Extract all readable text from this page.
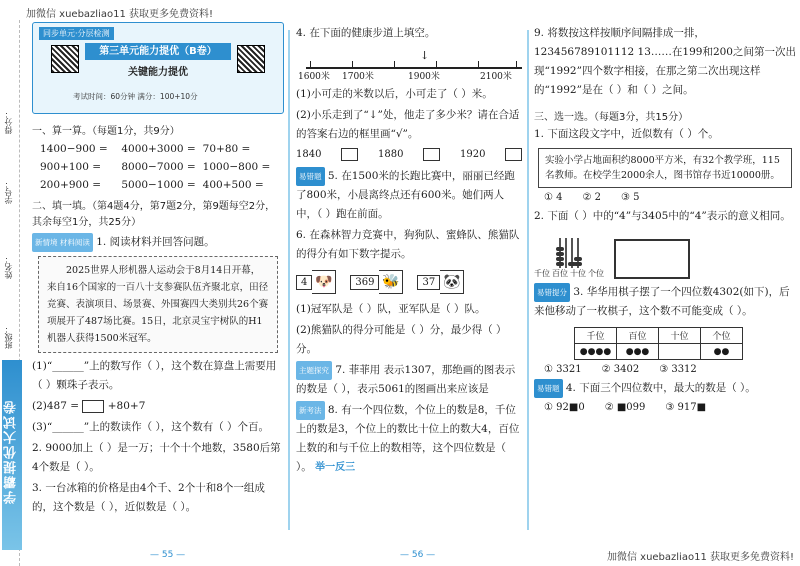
加微信 xuebazliao11 获取更多免费资料!
加微信 xuebazliao11 获取更多免费资料!
得分：
学号：
姓名：
班级：
学霸提优大试卷
同步单元·分层检测
第三单元能力提优（B卷）
关键能力提优
考试时间：60分钟 满分：100+10分
一、算一算。（每题1分，共9分）
1400−900 =	4000+3000 = 70+80 =
900+100 =	8000−7000 = 1000−800 =
200+900 =	5000−1000 = 400+500 =
二、填一填。（第4题4分，第7题2分，第9题每空2分，其余每空1分，共25分）
新情境 材料阅读 1. 阅读材料并回答问题。
2025世界人形机器人运动会于8月14日开幕，来自16个国家的一百八十支参赛队伍齐聚北京，田径竞赛、表演项目、场景赛、外围赛四大类别共26个赛项展开了487场比赛。15日，北京灵宝宇树队的H1机器人获得1500米冠军。
(1)“______”上的数写作（ ），这个数在算盘上需要用（ ）颗珠子表示。
(2)487 =	+80+7
(3)“______”上的数读作（ ），这个数有（ ）个百。
2. 9000加上（ ）是一万；十个十个地数，3580后第4个数是（ ）。
3. 一台冰箱的价格是由4个千、2个十和8个一组成的，这个数是（ ），近似数是（ ）。
— 55 —
4. 在下面的健康步道上填空。
↓
1600米 1700米	1900米	2100米
(1)小可走的米数以后，小可走了（ ）米。
(2)小乐走到了“↓”处，他走了多少米？请在合适的答案右边的框里画“√”。
1840	1880	1920
易错题 5. 在1500米的长跑比赛中，丽丽已经跑了800米，小晨离终点还有600米。她们两人中，（ ）跑在前面。
6. 在森林智力竞赛中，狗狗队、蜜蜂队、熊猫队的得分有如下数字提示。
4 🐶	369 🐝	37 🐼
(1)冠军队是（ ）队，亚军队是（ ）队。
(2)熊猫队的得分可能是（ ）分，最少得（ ）分。
主题探究 7. 菲菲用 表示1307，那绝画的图表示的数是（ ），表示5061的图画出来应该是
新考法 8. 有一个四位数，个位上的数是8，千位上的数是3，个位上的数比十位上的数大4，百位上数的和与千位上的数相等，这个四位数是（ ）。 举一反三
— 56 —
9. 将数按这样按顺序间隔排成一排，123456789101112 13……在199和200之间第一次出现“1992”四个数字相接，在那之第二次出现这样的“1992”是在（ ）和（ ）之间。
三、选一选。（每题3分，共15分）
1. 下面这段文字中，近似数有（ ）个。
实验小学占地面积约8000平方米，有32个教学班，115名教师。在校学生2000余人，图书馆存书近10000册。
① 4 ② 2 ③ 5
2. 下面（ ）中的“4”与3405中的“4”表示的意义相同。
千位 百位 十位 个位
易错提分 3. 华华用棋子摆了一个四位数4302(如下)，后来他移动了一枚棋子，这个数不可能变成（ ）。
千位	百位	十位	个位
●●●●	●●●		●●
① 3321 ② 3402 ③ 3312
易错题 4. 下面三个四位数中，最大的数是（ ）。
① 92■0 ② ■099 ③ 917■
